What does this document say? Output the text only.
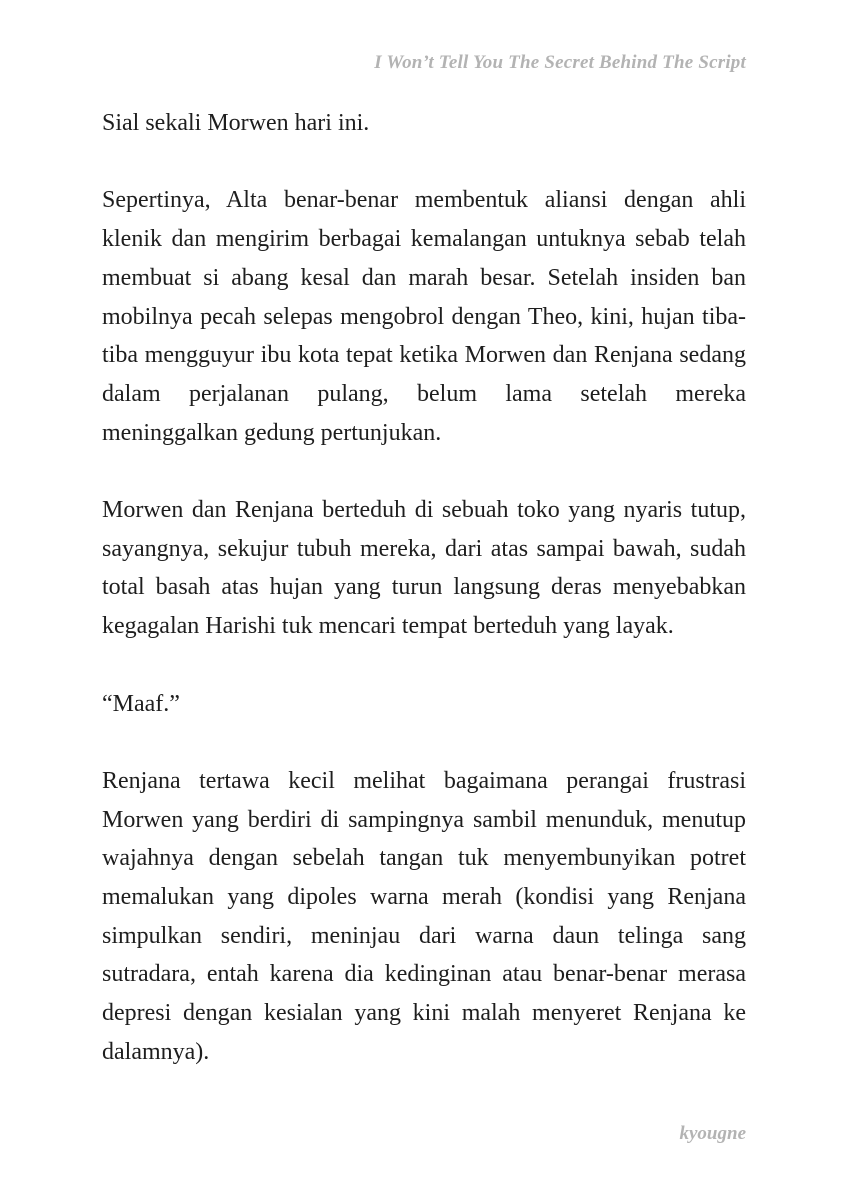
I Won’t Tell You The Secret Behind The Script

Sial sekali Morwen hari ini.

Sepertinya, Alta benar-benar membentuk aliansi dengan ahli klenik dan mengirim berbagai kemalangan untuknya sebab telah membuat si abang kesal dan marah besar. Setelah insiden ban mobilnya pecah selepas mengobrol dengan Theo, kini, hujan tiba-tiba mengguyur ibu kota tepat ketika Morwen dan Renjana sedang dalam perjalanan pulang, belum lama setelah mereka meninggalkan gedung pertunjukan.

Morwen dan Renjana berteduh di sebuah toko yang nyaris tutup, sayangnya, sekujur tubuh mereka, dari atas sampai bawah, sudah total basah atas hujan yang turun langsung deras menyebabkan kegagalan Harishi tuk mencari tempat berteduh yang layak.

“Maaf.”

Renjana tertawa kecil melihat bagaimana perangai frustrasi Morwen yang berdiri di sampingnya sambil menunduk, menutup wajahnya dengan sebelah tangan tuk menyembunyikan potret memalukan yang dipoles warna merah (kondisi yang Renjana simpulkan sendiri, meninjau dari warna daun telinga sang sutradara, entah karena dia kedinginan atau benar-benar merasa depresi dengan kesialan yang kini malah menyeret Renjana ke dalamnya).

kyougne
